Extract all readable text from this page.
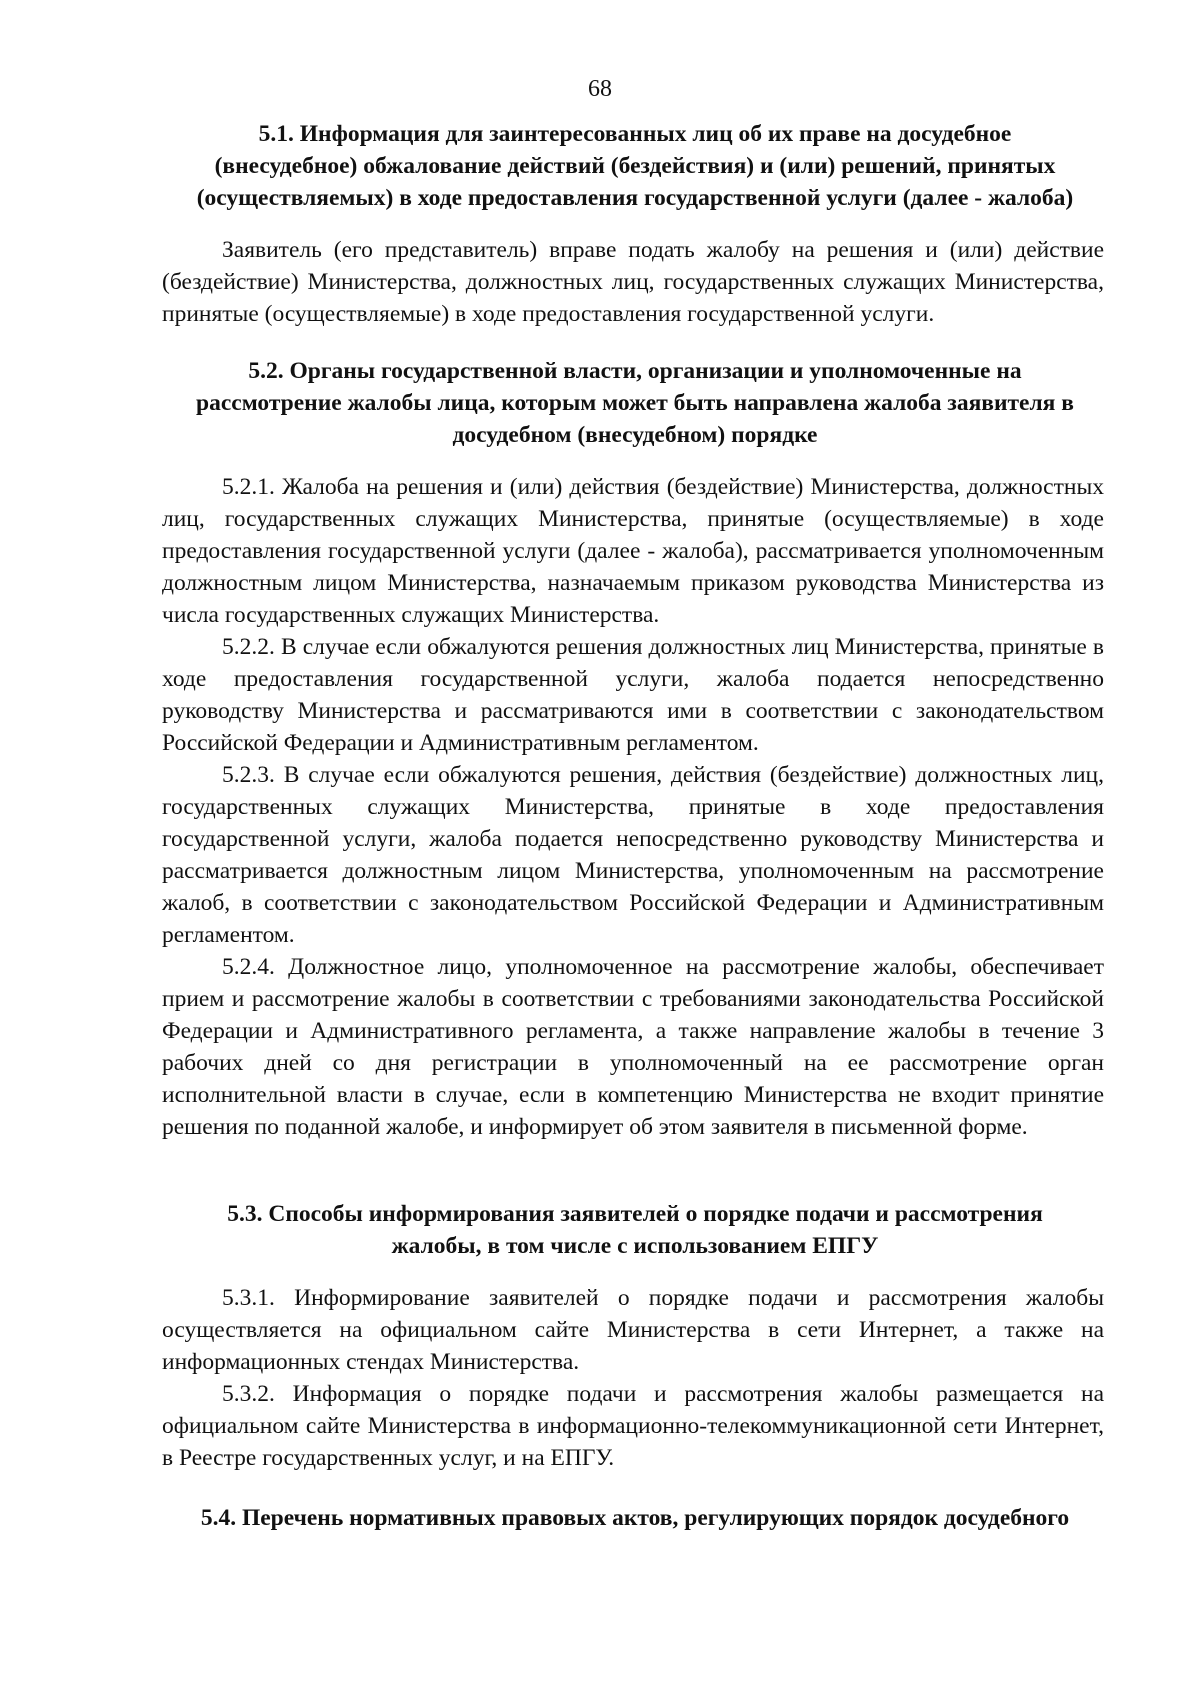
68
5.1. Информация для заинтересованных лиц об их праве на досудебное
(внесудебное) обжалование действий (бездействия) и (или) решений, принятых
(осуществляемых) в ходе предоставления государственной услуги (далее - жалоба)
Заявитель (его представитель) вправе подать жалобу на решения и (или) действие
(бездействие) Министерства, должностных лиц, государственных служащих Министерства,
принятые (осуществляемые) в ходе предоставления государственной услуги.
5.2. Органы государственной власти, организации и уполномоченные на
рассмотрение жалобы лица, которым может быть направлена жалоба заявителя в
досудебном (внесудебном) порядке
5.2.1. Жалоба на решения и (или) действия (бездействие) Министерства, должностных
лиц, государственных служащих Министерства, принятые (осуществляемые) в ходе
предоставления государственной услуги (далее - жалоба), рассматривается уполномоченным
должностным лицом Министерства, назначаемым приказом руководства Министерства из
числа государственных служащих Министерства.
5.2.2. В случае если обжалуются решения должностных лиц Министерства, принятые в
ходе предоставления государственной услуги, жалоба подается непосредственно
руководству Министерства и рассматриваются ими в соответствии с законодательством
Российской Федерации и Административным регламентом.
5.2.3. В случае если обжалуются решения, действия (бездействие) должностных лиц,
государственных служащих Министерства, принятые в ходе предоставления
государственной услуги, жалоба подается непосредственно руководству Министерства и
рассматривается должностным лицом Министерства, уполномоченным на рассмотрение
жалоб, в соответствии с законодательством Российской Федерации и Административным
регламентом.
5.2.4. Должностное лицо, уполномоченное на рассмотрение жалобы, обеспечивает
прием и рассмотрение жалобы в соответствии с требованиями законодательства Российской
Федерации и Административного регламента, а также направление жалобы в течение 3
рабочих дней со дня регистрации в уполномоченный на ее рассмотрение орган
исполнительной власти в случае, если в компетенцию Министерства не входит принятие
решения по поданной жалобе, и информирует об этом заявителя в письменной форме.
5.3. Способы информирования заявителей о порядке подачи и рассмотрения
жалобы, в том числе с использованием ЕПГУ
5.3.1. Информирование заявителей о порядке подачи и рассмотрения жалобы
осуществляется на официальном сайте Министерства в сети Интернет, а также на
информационных стендах Министерства.
5.3.2. Информация о порядке подачи и рассмотрения жалобы размещается на
официальном сайте Министерства в информационно-телекоммуникационной сети Интернет,
в Реестре государственных услуг, и на ЕПГУ.
5.4. Перечень нормативных правовых актов, регулирующих порядок досудебного
